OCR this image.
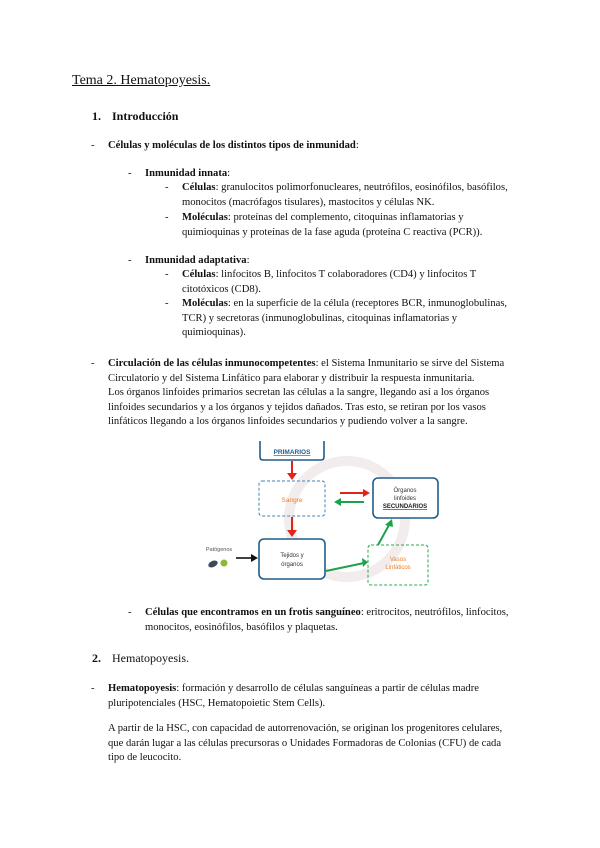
Tema 2. Hematopoyesis.
1. Introducción
- Células y moléculas de los distintos tipos de inmunidad:
- Inmunidad innata:
- Células: granulocitos polimorfonucleares, neutrófilos, eosinófilos, basófilos,
monocitos (macrófagos tisulares), mastocitos y células NK.
- Moléculas: proteínas del complemento, citoquinas inflamatorias y
quimioquinas y proteínas de la fase aguda (proteína C reactiva (PCR)).
- Inmunidad adaptativa:
- Células: linfocitos B, linfocitos T colaboradores (CD4) y linfocitos T
citotóxicos (CD8).
- Moléculas: en la superficie de la célula (receptores BCR, inmunoglobulinas,
TCR) y secretoras (inmunoglobulinas, citoquinas inflamatorias y
quimioquinas).
- Circulación de las células inmunocompetentes: el Sistema Inmunitario se sirve del Sistema
Circulatorio y del Sistema Linfático para elaborar y distribuir la respuesta inmunitaria.
Los órganos linfoides primarios secretan las células a la sangre, llegando así a los órganos
linfoides secundarios y a los órganos y tejidos dañados. Tras esto, se retiran por los vasos
linfáticos llegando a los órganos linfoides secundarios y pudiendo volver a la sangre.
PRIMARIOS
Sangre
Órganos
linfoides
SECUNDARIOS
Patógenos
Tejidos y
órganos
Vasos
Linfáticos
- Células que encontramos en un frotis sanguíneo: eritrocitos, neutrófilos, linfocitos,
monocitos, eosinófilos, basófilos y plaquetas.
2. Hematopoyesis.
- Hematopoyesis: formación y desarrollo de células sanguíneas a partir de células madre
pluripotenciales (HSC, Hematopoietic Stem Cells).
A partir de la HSC, con capacidad de autorrenovación, se originan los progenitores celulares,
que darán lugar a las células precursoras o Unidades Formadoras de Colonias (CFU) de cada
tipo de leucocito.
